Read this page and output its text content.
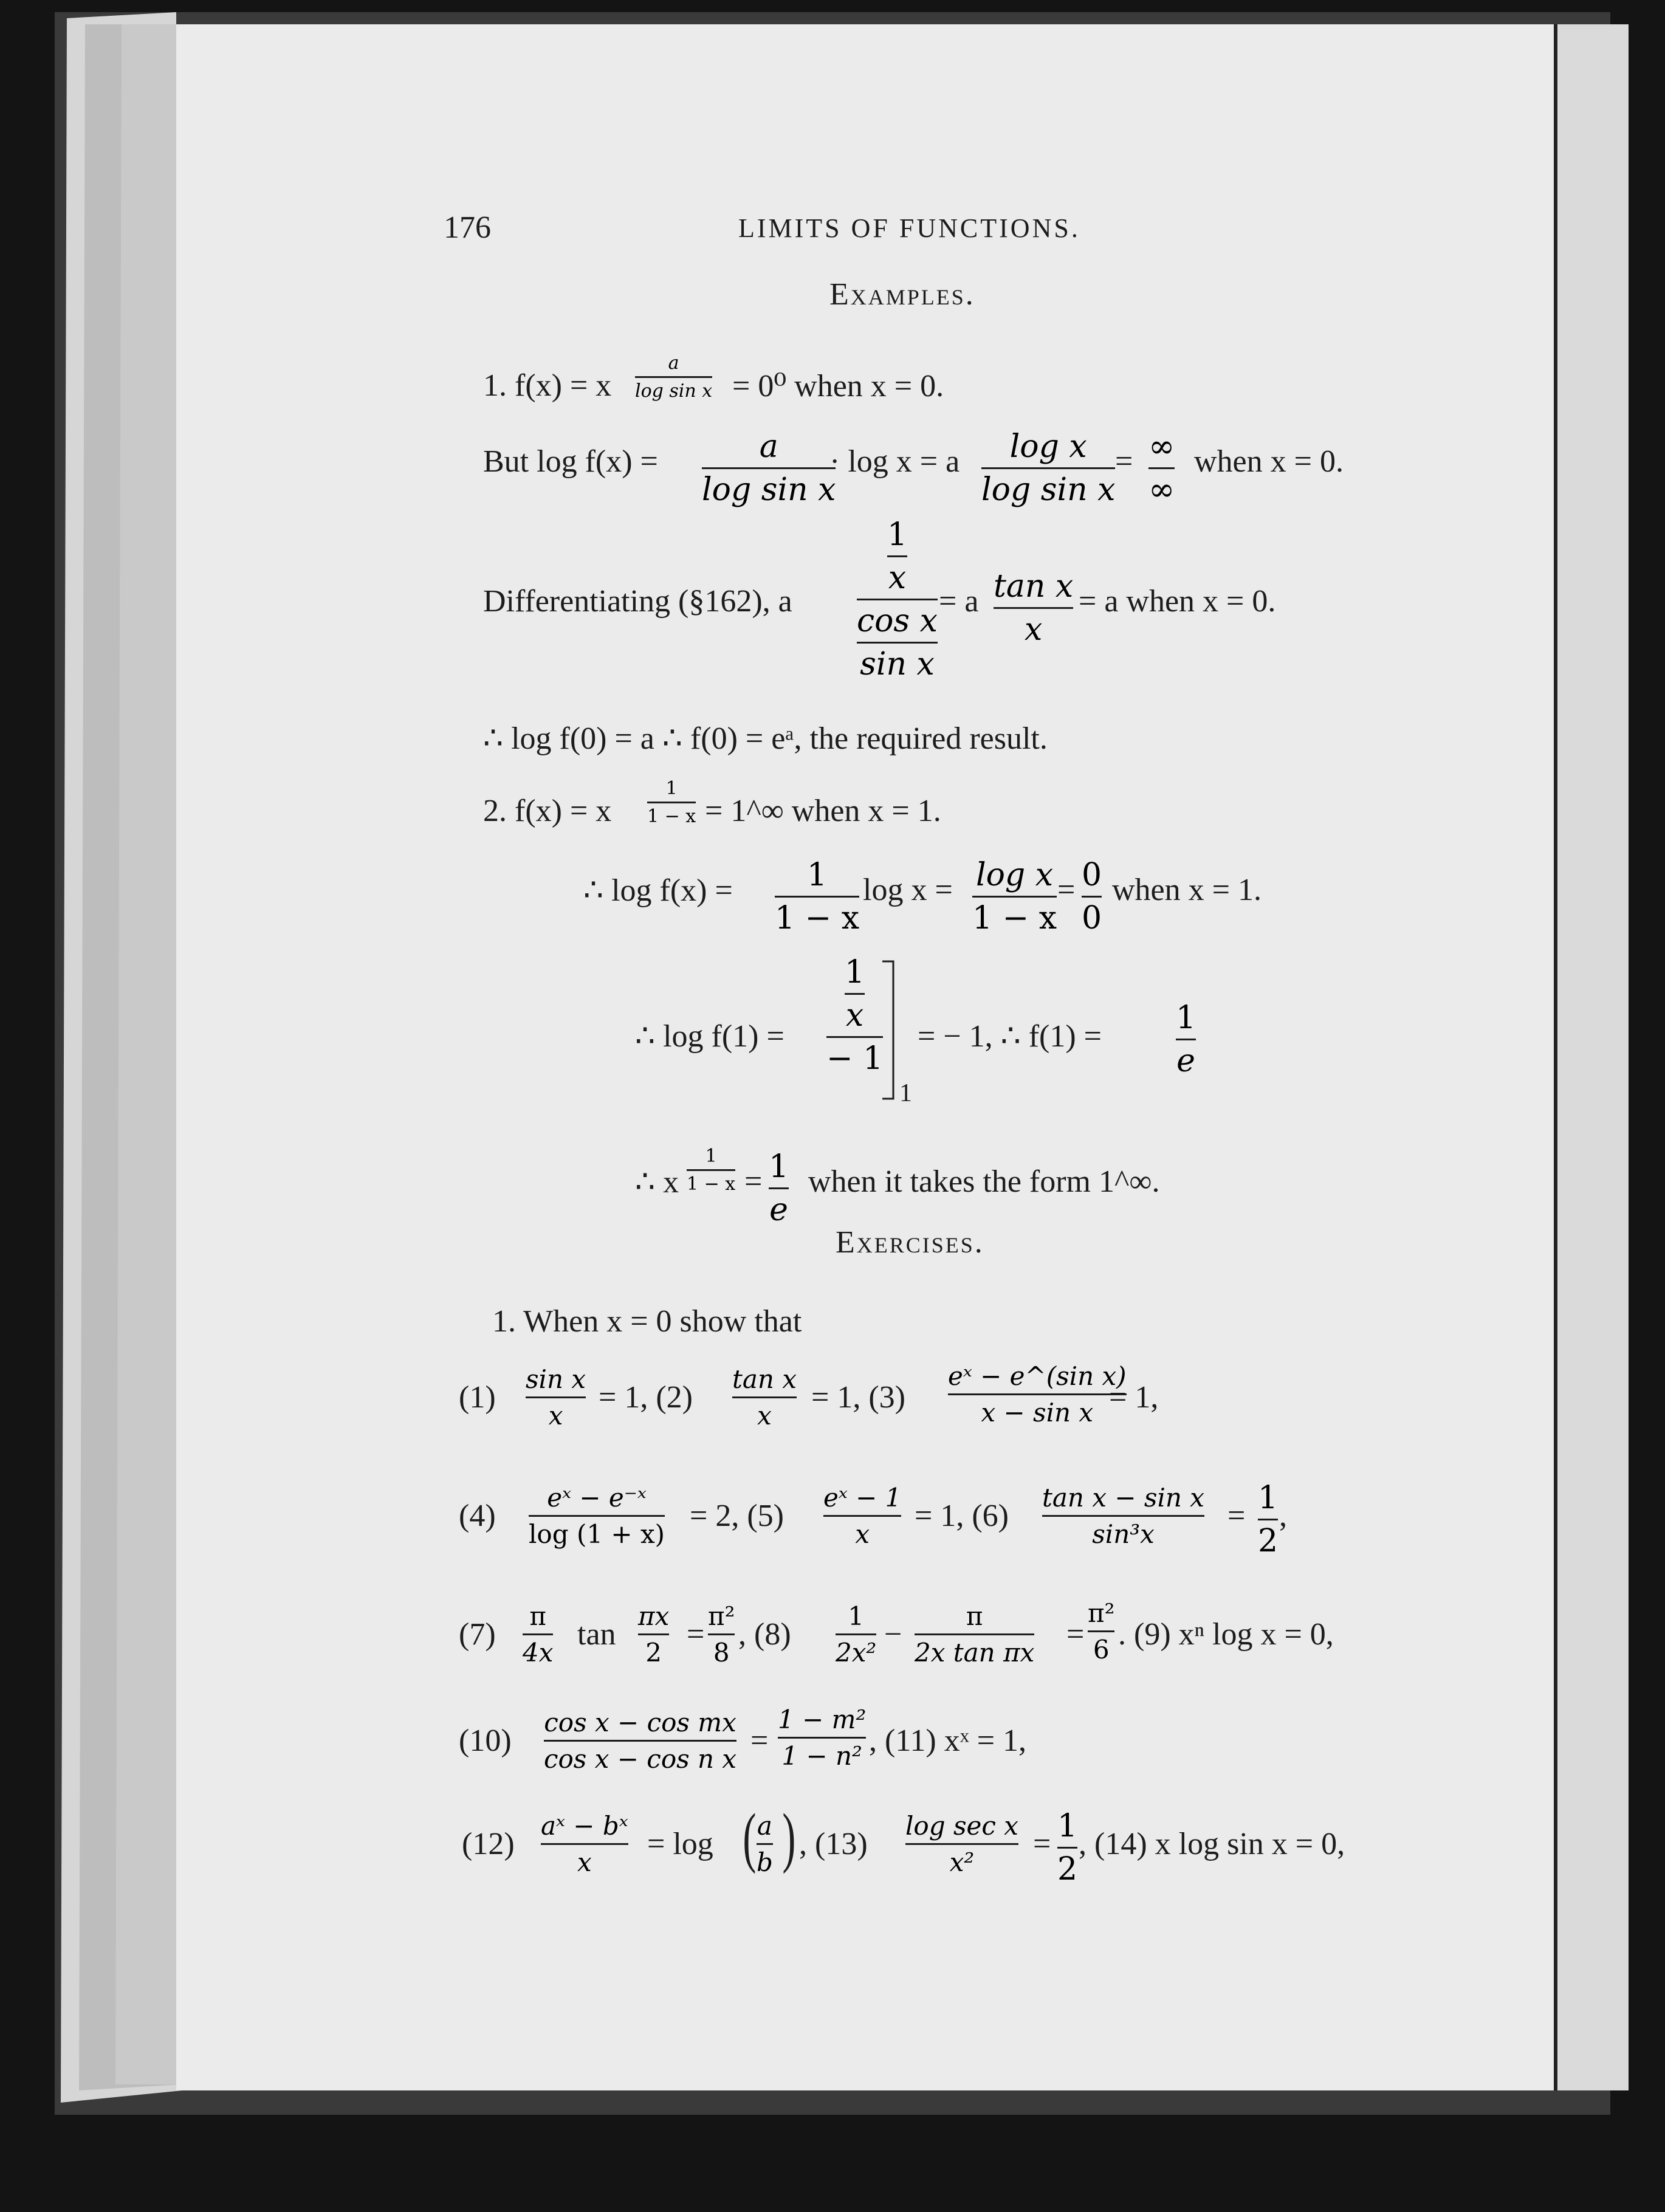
176	LIMITS OF FUNCTIONS.
Examples.
1. f(x) = x
a
log sin x = 0⁰ when x = 0.
But log f(x) =	a
log sin x
· log x = a log x
log sin x
= ∞
∞
when x = 0.
Differentiating (§162), a
1
x
cos x
sin x
= a tan x
x
= a when x = 0.
∴ log f(0) = a ∴ f(0) = eᵃ, the required result.
2. f(x) = x
1
1 − x = 1^∞ when x = 1.
∴ log f(x) = 1
1 − x
log x = log x
1 − x
= 0
0
when x = 1.
∴ log f(1) =
1
x
− 1
1
= − 1, ∴ f(1) =
1
e
∴ x
1
1 − x = 1
e
when it takes the form 1^∞.
Exercises.
1. When x = 0 show that
(1)
sin x
x
= 1, (2)
tan x
x
= 1, (3)
eˣ − e^(sin x)
x − sin x = 1,
(4)
eˣ − e⁻ˣ
log (1 + x)
= 2, (5)
eˣ − 1
x
= 1, (6)
tan x − sin x
sin³x
= 1
2
,
(7)
π
4x
tan
πx
2
=
π²
8
, (8)
1
2x²
−
π
2x tan πx
=
π²
6 . (9) xⁿ log x = 0,
(10)
cos x − cos mx
cos x − cos n x
=
1 − m²
1 − n² , (11) xˣ = 1,
(12)
aˣ − bˣ
x
= log ( a
b ) , (13)
log sec x
x²
= 1
2
, (14) x log sin x = 0,
